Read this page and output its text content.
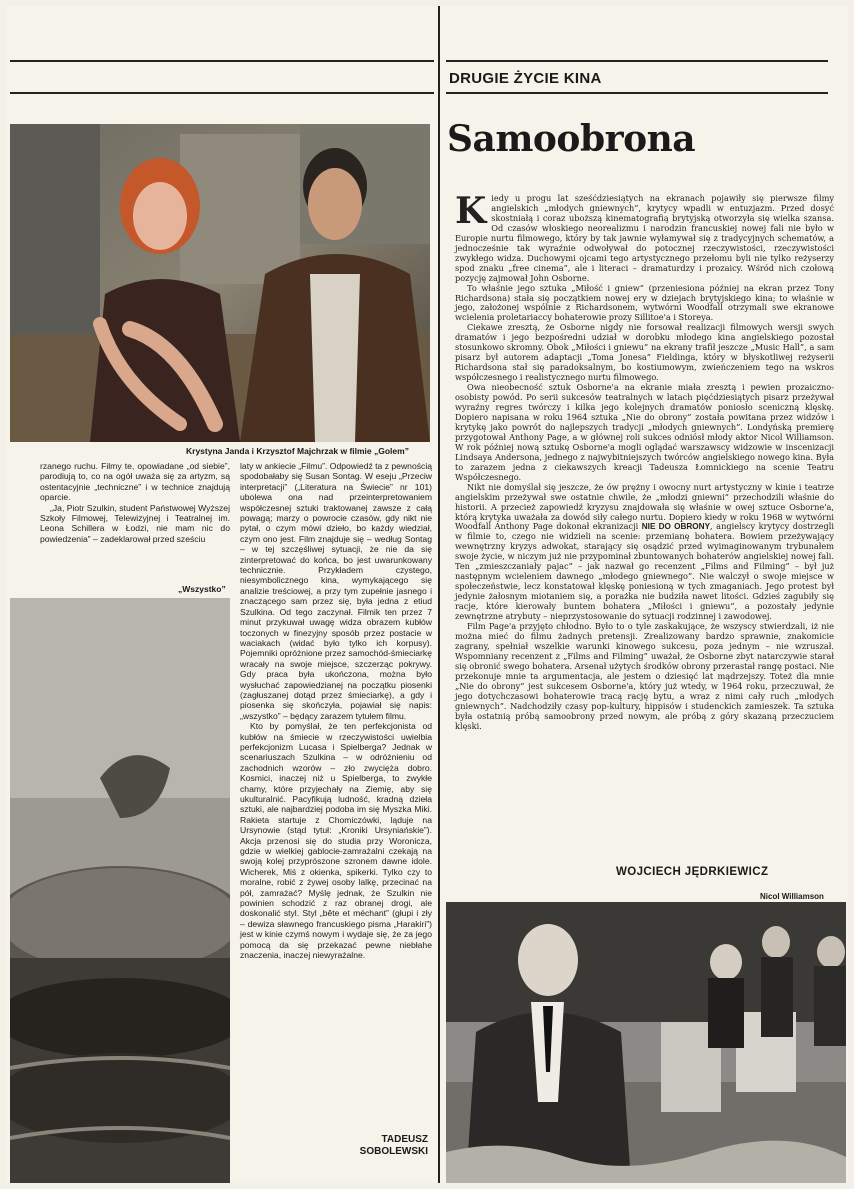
DRUGIE ŻYCIE KINA
Samoobrona
Krystyna Janda i Krzysztof Majchrzak w filmie „Golem”

rzanego ruchu. Filmy te, opowiadane „od siebie”, parodiują to, co na ogół uważa się za artyzm, są ostentacyjnie „techniczne” i w technice znajdują oparcie.

„Ja, Piotr Szulkin, student Państwowej Wyższej Szkoły Filmowej, Telewizyjnej i Teatralnej im. Leona Schillera w Łodzi, nie mam nic do powiedzenia” – zadeklarował przed sześciu

„Wszystko”

laty w ankiecie „Filmu”. Odpowiedź ta z pewnością spodobałaby się Susan Sontag. W eseju „Przeciw interpretacji” („Literatura na Świecie” nr 101) ubolewa ona nad przeinterpretowaniem współczesnej sztuki traktowanej zawsze z całą powagą; marzy o powrocie czasów, gdy nikt nie pytał, o czym mówi dzieło, bo każdy wiedział, czym ono jest. Film znajduje się – według Sontag – w tej szczęśliwej sytuacji, że nie da się zinterpretować do końca, bo jest uwarunkowany technicznie. Przykładem czystego, niesymbolicznego kina, wymykającego się analizie treściowej, a przy tym zupełnie jasnego i znaczącego sam przez się, była jedna z etiud Szulkina. Od tego zaczynał. Filmik ten przez 7 minut przykuwał uwagę widza obrazem kubłów toczonych w finezyjny sposób przez postacie w waciakach (widać było tylko ich korpusy). Pojemniki opróżnione przez samochód-śmieciarkę wracały na swoje miejsce, szczerząc pokrywy. Gdy praca była ukończona, można było wysłuchać zapowiedzianej na początku piosenki (zagłuszanej dotąd przez śmieciarkę), a gdy i piosenka się skończyła, pojawiał się napis: „wszystko” – będący zarazem tytułem filmu.

Kto by pomyślał, że ten perfekcjonista od kubłów na śmiecie w rzeczywistości uwielbia perfekcjonizm Lucasa i Spielberga? Jednak w scenariuszach Szulkina – w odróżnieniu od zachodnich wzorów – zło zwycięża dobro. Kosmici, inaczej niż u Spielberga, to zwykłe chamy, które przyjechały na Ziemię, aby się ukulturalnić. Pacyfikują ludność, kradną dzieła sztuki, ale najbardziej podoba im się Myszka Miki. Rakieta startuje z Chomiczówki, ląduje na Ursynowie (stąd tytuł: „Kroniki Ursyniańskie”). Akcja przenosi się do studia przy Woronicza, gdzie w wielkiej gablocie-zamrażalni czekają na swoją kolej przyprószone szronem dawne idole. Wicherek, Miś z okienka, spikerki. Tylko czy to moralne, robić z żywej osoby lalkę, przecinać na pół, zamrażać? Myślę jednak, że Szulkin nie powinien schodzić z raz obranej drogi, ale doskonalić styl. Styl „bête et méchant” (głupi i zły – dewiza sławnego francuskiego pisma „Harakiri”) jest w kinie czymś nowym i wydaje się, że za jego pomocą da się przekazać pewne niebłahe znaczenia, inaczej niewyrażalne.

TADEUSZ
SOBOLEWSKI

Kiedy u progu lat sześćdziesiątych na ekranach pojawiły się pierwsze filmy angielskich „młodych gniewnych”, krytycy wpadli w entuzjazm. Przed dosyć skostniałą i coraz uboższą kinematografią brytyjską otworzyła się wielka szansa. Od czasów włoskiego neorealizmu i narodzin francuskiej nowej fali nie było w Europie nurtu filmowego, który by tak jawnie wyłamywał się z tradycyjnych schematów, a jednocześnie tak wyraźnie odwoływał do potocznej rzeczywistości, rzeczywistości zwykłego widza. Duchowymi ojcami tego artystycznego przełomu byli nie tylko reżyserzy spod znaku „free cinema”, ale i literaci – dramaturdzy i prozaicy. Wśród nich czołową pozycję zajmował John Osborne.

To właśnie jego sztuka „Miłość i gniew” (przeniesiona później na ekran przez Tony Richardsona) stała się początkiem nowej ery w dziejach brytyjskiego kina; to właśnie w jego, założonej wspólnie z Richardsonem, wytwórni Woodfall otrzymali swe ekranowe wcielenia proletariaccy bohaterowie prozy Sillitoe'a i Storeya.

Ciekawe zresztą, że Osborne nigdy nie forsował realizacji filmowych wersji swych dramatów i jego bezpośredni udział w dorobku młodego kina angielskiego pozostał stosunkowo skromny. Obok „Miłości i gniewu” na ekrany trafił jeszcze „Music Hall”, a sam pisarz był autorem adaptacji „Toma Jonesa” Fieldinga, który w błyskotliwej reżyserii Richardsona stał się paradoksalnym, bo kostiumowym, zwieńczeniem tego na wskros współczesnego i realistycznego nurtu filmowego.

Owa nieobecność sztuk Osborne'a na ekranie miała zresztą i pewien prozaiczno-osobisty powód. Po serii sukcesów teatralnych w latach pięćdziesiątych pisarz przeżywał wyraźny regres twórczy i kilka jego kolejnych dramatów poniosło sceniczną klęskę. Dopiero napisana w roku 1964 sztuka „Nie do obrony” została powitana przez widzów i krytykę jako powrót do najlepszych tradycji „młodych gniewnych”. Londyńską premierę przygotował Anthony Page, a w głównej roli sukces odniósł młody aktor Nicol Williamson. W rok później nową sztukę Osborne'a mogli oglądać warszawscy widzowie w inscenizacji Lindsaya Andersona, jednego z najwybitniejszych twórców angielskiego nowego kina. Była to zarazem jedna z ciekawszych kreacji Tadeusza Łomnickiego na scenie Teatru Współczesnego.

Nikt nie domyślał się jeszcze, że ów prężny i owocny nurt artystyczny w kinie i teatrze angielskim przeżywał swe ostatnie chwile, że „młodzi gniewni” przechodzili właśnie do historii. A przecież zapowiedź kryzysu znajdowała się właśnie w owej sztuce Osborne'a, którą krytyka uważała za dowód siły całego nurtu. Dopiero kiedy w roku 1968 w wytwórni Woodfall Anthony Page dokonał ekranizacji NIE DO OBRONY, angielscy krytycy dostrzegli w filmie to, czego nie widzieli na scenie: przemianę bohatera. Bowiem przeżywający wewnętrzny kryzys adwokat, starający się osądzić przed wyimaginowanym trybunałem swoje życie, w niczym już nie przypominał zbuntowanych bohaterów angielskiej nowej fali. Ten „zmieszczaniały pajac” – jak nazwał go recenzent „Films and Filming” – był już następnym wcieleniem dawnego „młodego gniewnego”. Nie walczył o swoje miejsce w społeczeństwie, lecz konstatował klęskę poniesioną w tych zmaganiach. Jego protest był jedynie żałosnym miotaniem się, a porażka nie budziła nawet litości. Gdzieś zagubiły się racje, które kierowały buntem bohatera „Miłości i gniewu”, a pozostały jedynie zewnętrzne atrybuty – nieprzystosowanie do sytuacji rodzinnej i zawodowej.

Film Page'a przyjęto chłodno. Było to o tyle zaskakujące, że wszyscy stwierdzali, iż nie można mieć do filmu żadnych pretensji. Zrealizowany bardzo sprawnie, znakomicie zagrany, spełniał wszelkie warunki kinowego sukcesu, poza jednym – nie wzruszał. Wspomniany recenzent z „Films and Filming” uważał, że Osborne zbyt natarczywie starał się obronić swego bohatera. Arsenał użytych środków obrony przerastał rangę postaci. Nie przekonuje mnie ta argumentacja, ale jestem o dziesięć lat mądrzejszy. Toteż dla mnie „Nie do obrony” jest sukcesem Osborne'a, który już wtedy, w 1964 roku, przeczuwał, że jego dotychczasowi bohaterowie tracą rację bytu, a wraz z nimi cały ruch „młodych gniewnych”. Nadchodziły czasy pop-kultury, hippisów i studenckich zamieszek. Ta sztuka była ostatnią próbą samoobrony przed nowym, ale próbą z góry skazaną przeczuciem klęski.

WOJCIECH JĘDRKIEWICZ
Nicol Williamson
